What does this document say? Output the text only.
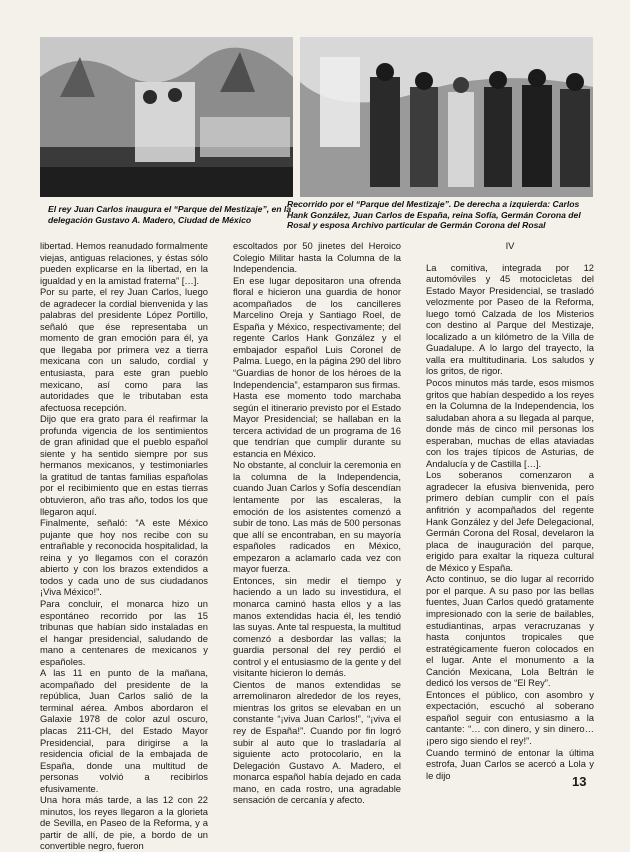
El rey Juan Carlos inaugura el “Parque del Mestizaje”, en la delegación Gustavo A. Madero, Ciudad de México
Recorrido por el “Parque del Mestizaje”. De derecha a izquierda: Carlos Hank González, Juan Carlos de España, reina Sofía, Germán Corona del Rosal y esposa Archivo particular de Germán Corona del Rosal

libertad. Hemos reanudado formalmente viejas, antiguas relaciones, y éstas sólo pueden explicarse en la libertad, en la igualdad y en la amistad fraterna” […].

Por su parte, el rey Juan Carlos, luego de agradecer la cordial bienvenida y las palabras del presidente López Portillo, señaló que ése representaba un momento de gran emoción para él, ya que llegaba por primera vez a tierra mexicana con un saludo, cordial y entusiasta, para este gran pueblo mexicano, así como para las autoridades que le tributaban esta afectuosa recepción.

Dijo que era grato para él reafirmar la profunda vigencia de los sentimientos de gran afinidad que el pueblo español siente y ha sentido siempre por sus hermanos mexicanos, y testimoniarles la gratitud de tantas familias españolas por el recibimiento que en estas tierras obtuvieron, año tras año, todos los que llegaron aquí.

Finalmente, señaló: “A este México pujante que hoy nos recibe con su entrañable y reconocida hospitalidad, la reina y yo llegamos con el corazón abierto y con los brazos extendidos a todos y cada uno de sus ciudadanos ¡Viva México!”.

Para concluir, el monarca hizo un espontáneo recorrido por las 15 tribunas que habían sido instaladas en el hangar presidencial, saludando de mano a centenares de mexicanos y españoles.

A las 11 en punto de la mañana, acompañado del presidente de la república, Juan Carlos salió de la terminal aérea. Ambos abordaron el Galaxie 1978 de color azul oscuro, placas 211-CH, del Estado Mayor Presidencial, para dirigirse a la residencia oficial de la embajada de España, donde una multitud de personas volvió a recibirlos efusivamente.

Una hora más tarde, a las 12 con 22 minutos, los reyes llegaron a la glorieta de Sevilla, en Paseo de la Reforma, y a partir de allí, de pie, a bordo de un convertible negro, fueron

escoltados por 50 jinetes del Heroico Colegio Militar hasta la Columna de la Independencia.

En ese lugar depositaron una ofrenda floral e hicieron una guardia de honor acompañados de los cancilleres Marcelino Oreja y Santiago Roel, de España y México, respectivamente; del regente Carlos Hank González y el embajador español Luis Coronel de Palma. Luego, en la página 290 del libro “Guardias de honor de los héroes de la Independencia”, estamparon sus firmas.

Hasta ese momento todo marchaba según el itinerario previsto por el Estado Mayor Presidencial; se hallaban en la tercera actividad de un programa de 16 que tendrían que cumplir durante su estancia en México.

No obstante, al concluir la ceremonia en la columna de la Independencia, cuando Juan Carlos y Sofía descendían lentamente por las escaleras, la emoción de los asistentes comenzó a subir de tono. Las más de 500 personas que allí se encontraban, en su mayoría españoles radicados en México, empezaron a aclamarlo cada vez con mayor fuerza.

Entonces, sin medir el tiempo y haciendo a un lado su investidura, el monarca caminó hasta ellos y a las manos extendidas hacia él, les tendió las suyas. Ante tal respuesta, la multitud comenzó a desbordar las vallas; la guardia personal del rey perdió el control y el entusiasmo de la gente y del visitante hicieron lo demás.

Cientos de manos extendidas se arremolinaron alrededor de los reyes, mientras los gritos se elevaban en un constante “¡viva Juan Carlos!”, “¡viva el rey de España!”. Cuando por fin logró subir al auto que lo trasladaría al siguiente acto protocolario, en la Delegación Gustavo A. Madero, el monarca español había dejado en cada mano, en cada rostro, una agradable sensación de cercanía y afecto.

IV

La comitiva, integrada por 12 automóviles y 45 motocicletas del Estado Mayor Presidencial, se trasladó velozmente por Paseo de la Reforma, luego tomó Calzada de los Misterios con destino al Parque del Mestizaje, localizado a un kilómetro de la Villa de Guadalupe. A lo largo del trayecto, la valla era multitudinaria. Los saludos y los gritos, de rigor.

Pocos minutos más tarde, esos mismos gritos que habían despedido a los reyes en la Columna de la Independencia, los saludaban ahora a su llegada al parque, donde más de cinco mil personas los esperaban, muchas de ellas ataviadas con los trajes típicos de Asturias, de Andalucía y de Castilla […].

Los soberanos comenzaron a agradecer la efusiva bienvenida, pero primero debían cumplir con el país anfitrión y acompañados del regente Hank González y del Jefe Delegacional, Germán Corona del Rosal, develaron la placa de inauguración del parque, erigido para exaltar la riqueza cultural de México y España.

Acto continuo, se dio lugar al recorrido por el parque. A su paso por las bellas fuentes, Juan Carlos quedó gratamente impresionado con la serie de bailables, estudiantinas, arpas veracruzanas y hasta conjuntos tropicales que estratégicamente fueron colocados en el lugar. Ante el monumento a la Canción Mexicana, Lola Beltrán le dedicó los versos de “El Rey”.

Entonces el público, con asombro y expectación, escuchó al soberano español seguir con entusiasmo a la cantante: “… con dinero, y sin dinero… ¡pero sigo siendo el rey!”.

Cuando terminó de entonar la última estrofa, Juan Carlos se acercó a Lola y le dijo	13
